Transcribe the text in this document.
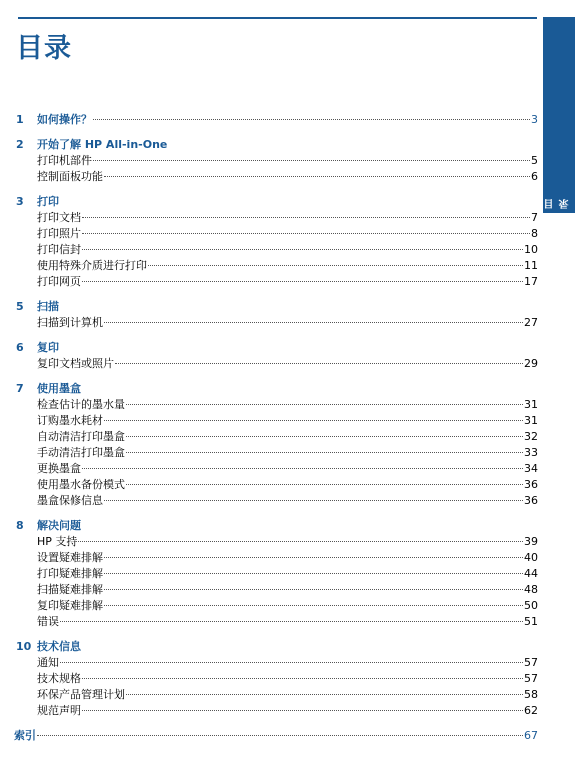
目录
目录
1	如何操作？	3
2	开始了解 HP All-in-One
打印机部件	5
控制面板功能	6
3	打印
打印文档	7
打印照片	8
打印信封	10
使用特殊介质进行打印	11
打印网页	17
5	扫描
扫描到计算机	27
6	复印
复印文档或照片	29
7	使用墨盒
检查估计的墨水量	31
订购墨水耗材	31
自动清洁打印墨盒	32
手动清洁打印墨盒	33
更换墨盒	34
使用墨水备份模式	36
墨盒保修信息	36
8	解决问题
HP 支持	39
设置疑难排解	40
打印疑难排解	44
扫描疑难排解	48
复印疑难排解	50
错误	51
10 技术信息
通知	57
技术规格	57
环保产品管理计划	58
规范声明	62
索引	67
